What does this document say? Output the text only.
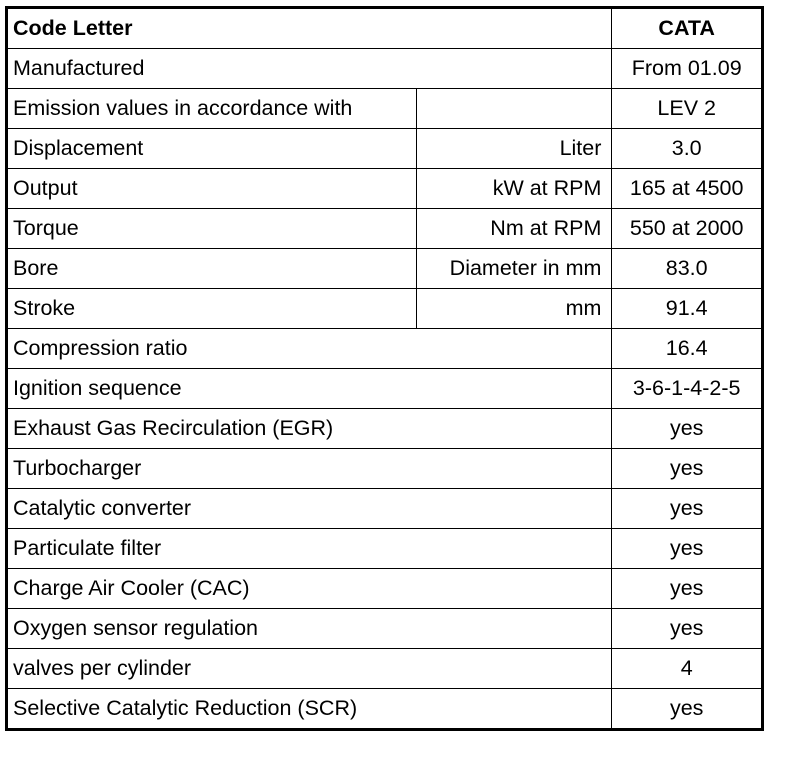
Code Letter		CATA
Manufactured		From 01.09
Emission values in accordance with		LEV 2
Displacement	Liter	3.0
Output	kW at RPM	165 at 4500
Torque	Nm at RPM	550 at 2000
Bore	Diameter in mm	83.0
Stroke	mm	91.4
Compression ratio		16.4
Ignition sequence		3-6-1-4-2-5
Exhaust Gas Recirculation (EGR)		yes
Turbocharger		yes
Catalytic converter		yes
Particulate filter		yes
Charge Air Cooler (CAC)		yes
Oxygen sensor regulation		yes
valves per cylinder		4
Selective Catalytic Reduction (SCR)		yes
